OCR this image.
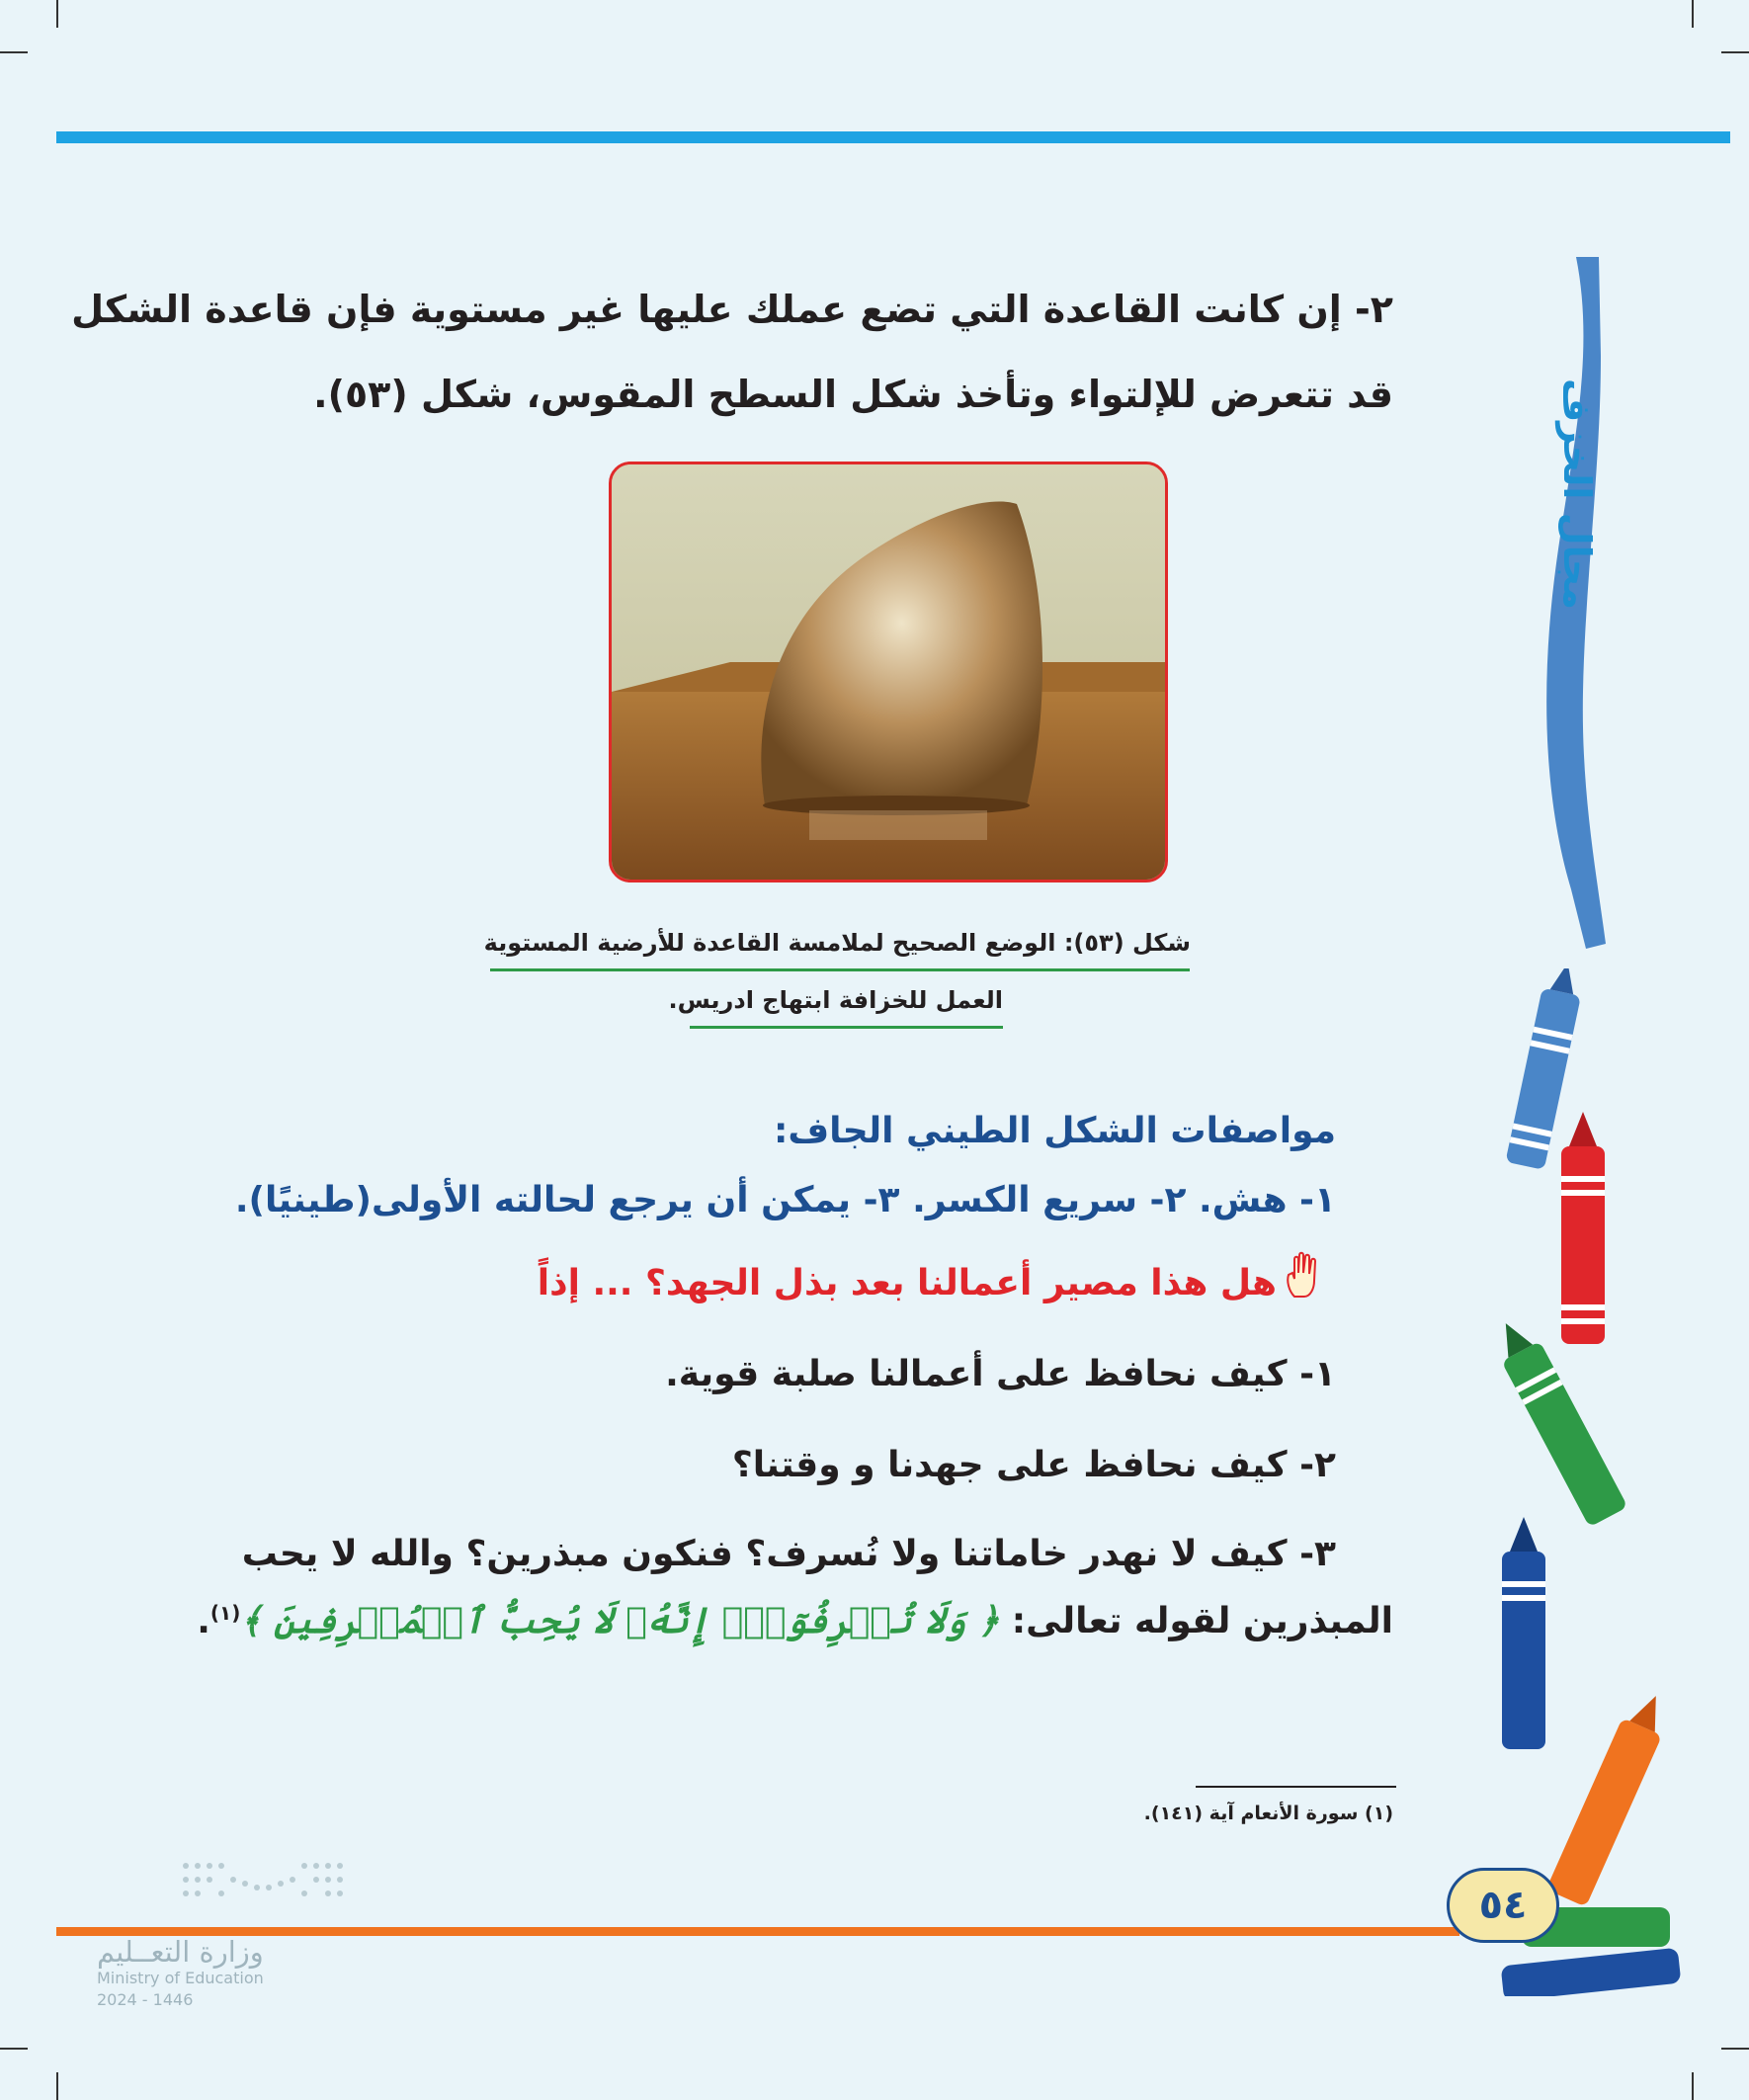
مجال الخزف
٢- إن كانت القاعدة التي تضع عملك عليها غير مستوية فإن قاعدة الشكل
قد تتعرض للإلتواء وتأخذ شكل السطح المقوس، شكل (٥٣).
شكل (٥٣): الوضع الصحيح لملامسة القاعدة للأرضية المستوية
العمل للخزافة ابتهاج ادريس.
مواصفات الشكل الطيني الجاف:
١- هش. ٢- سريع الكسر. ٣- يمكن أن يرجع لحالته الأولى(طينيًا).
هل هذا مصير أعمالنا بعد بذل الجهد؟ ... إذاً
١- كيف نحافظ على أعمالنا صلبة قوية.
٢- كيف نحافظ على جهدنا و وقتنا؟
٣- كيف لا نهدر خاماتنا ولا نُسرف؟ فنكون مبذرين؟ والله لا يحب
المبذرين لقوله تعالى: ﴿ وَلَا تُسۡرِفُوٓاْۚ إِنَّهُۥ لَا يُحِبُّ ٱلۡمُسۡرِفِينَ ﴾$^{(١)}$.
(١) سورة الأنعام آية (١٤١).
٥٤
وزارة التعــليم
Ministry of Education
2024 - 1446
